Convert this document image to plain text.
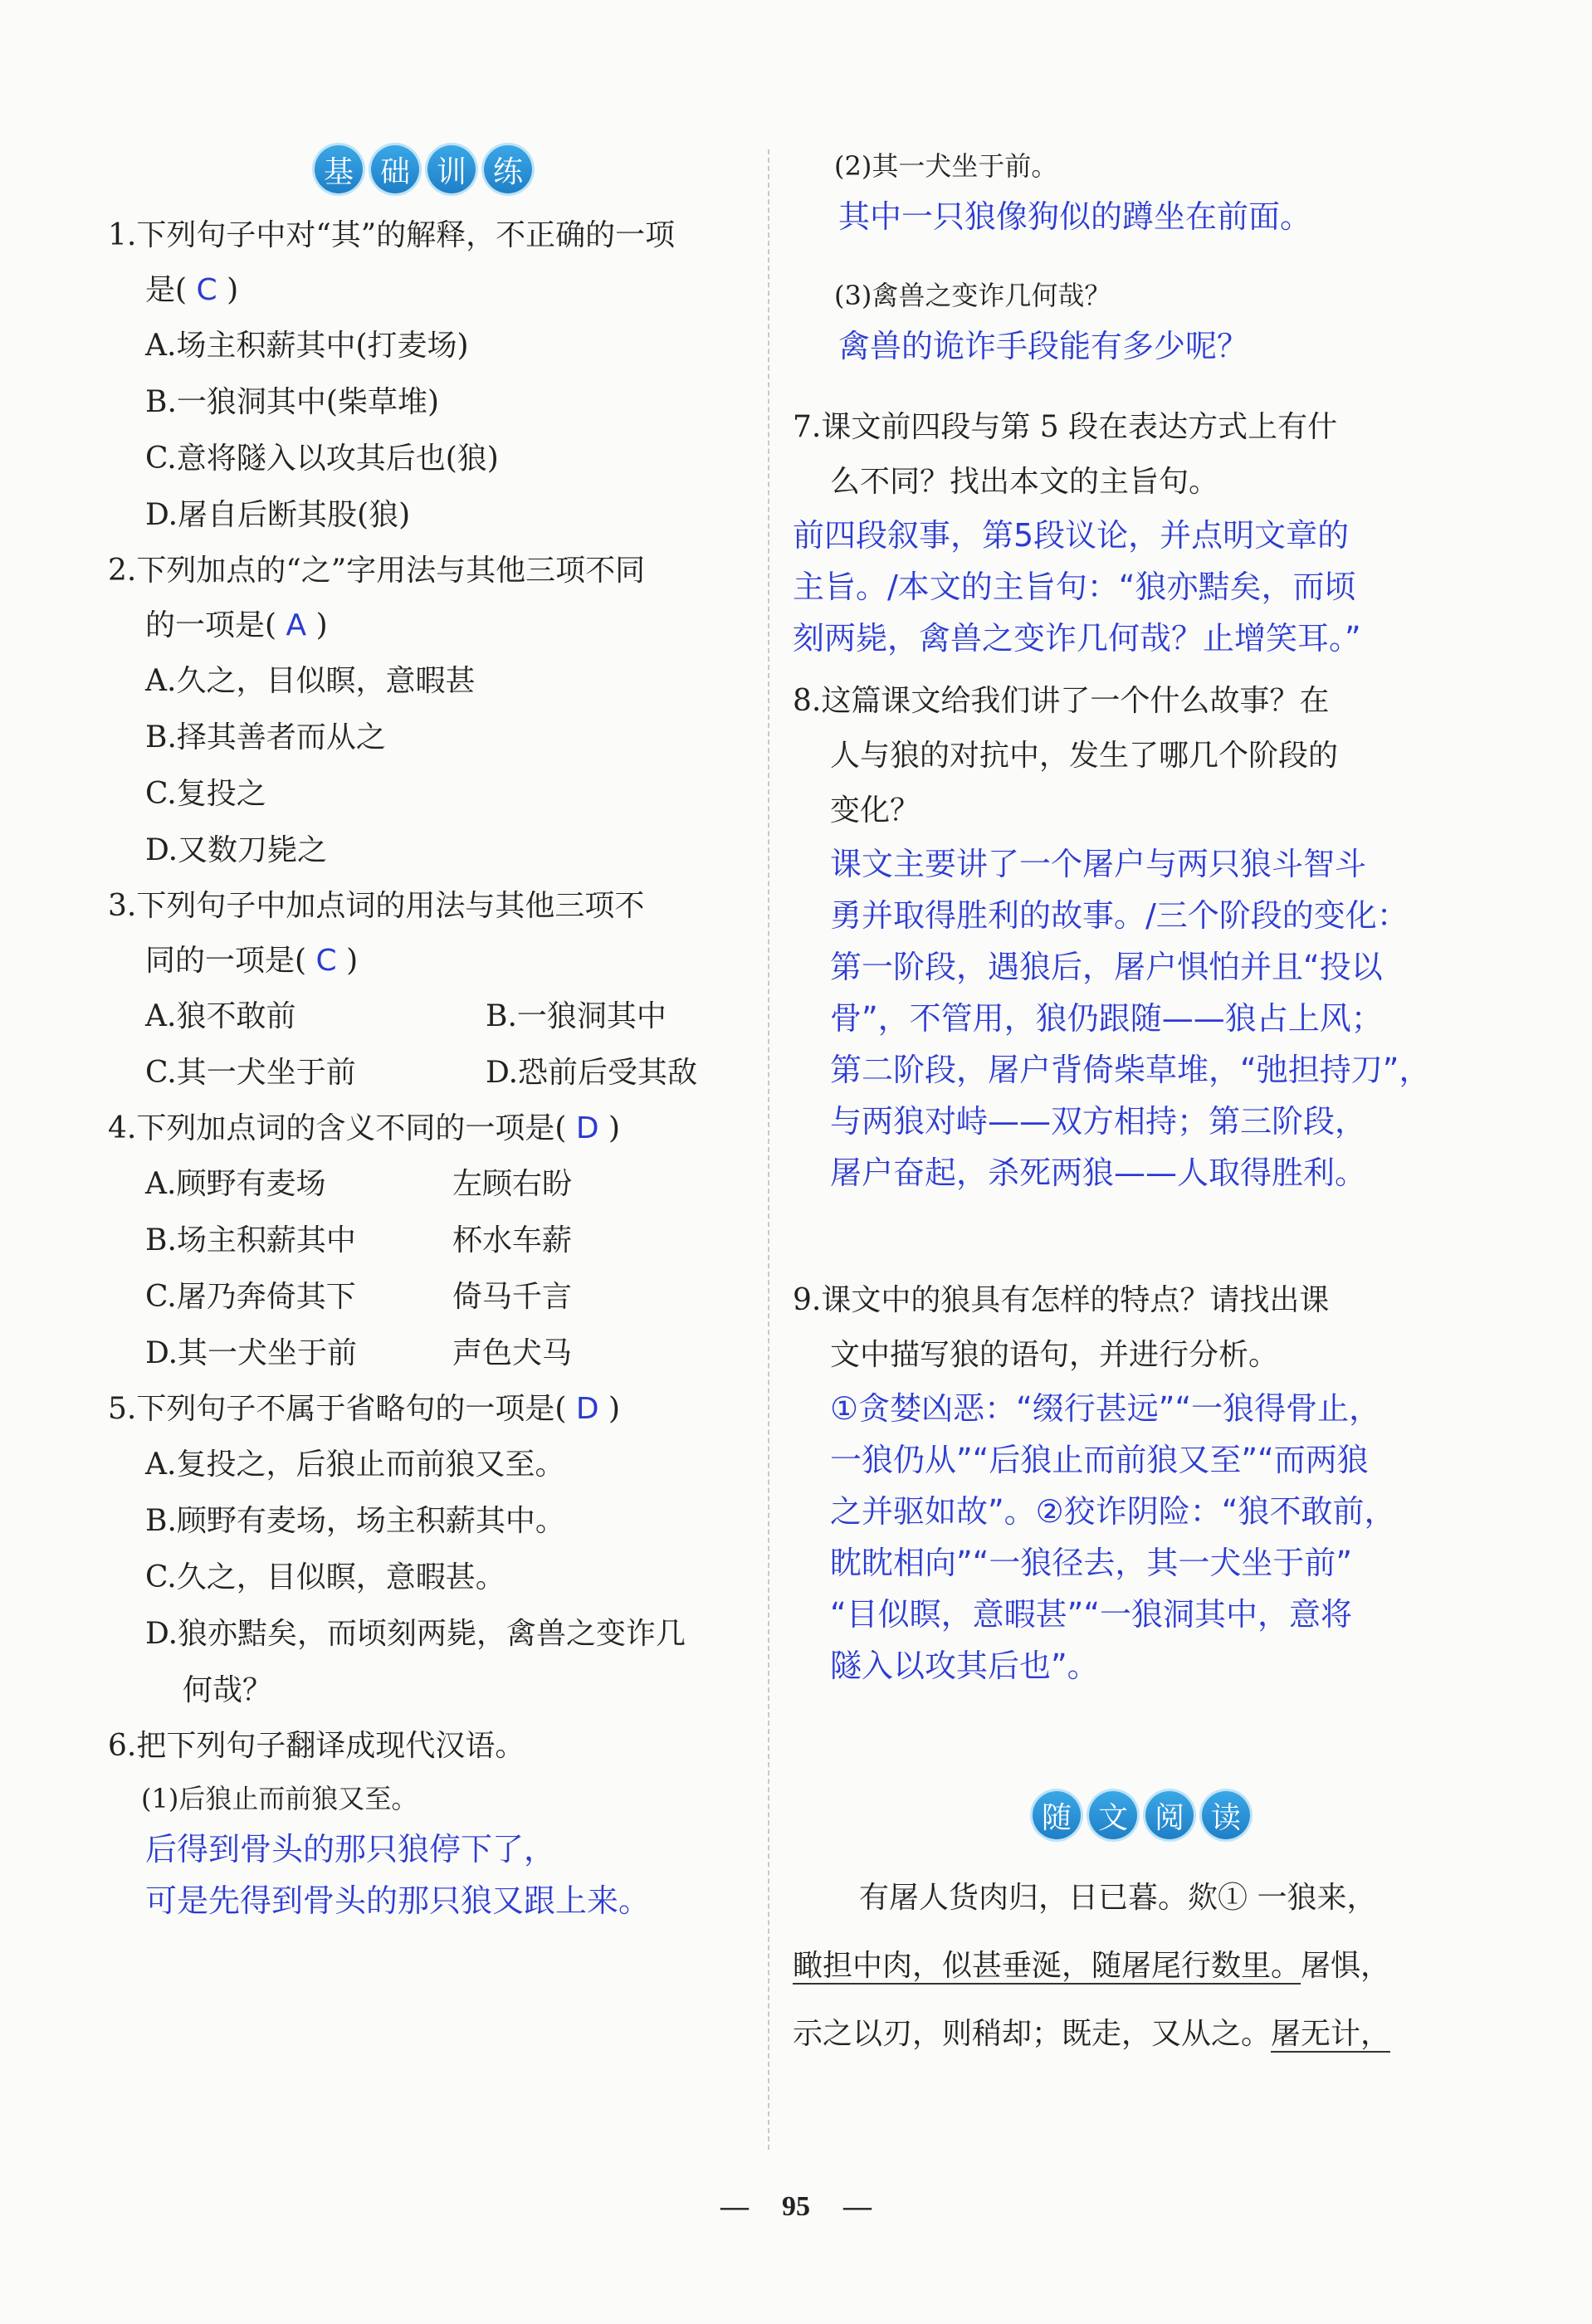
基 础 训 练
1.下列句子中对“其”的解释，不正确的一项
是( C )
A.场主积薪其中(打麦场)
B.一狼洞其中(柴草堆)
C.意将隧入以攻其后也(狼)
D.屠自后断其股(狼)
2.下列加点的“之”字用法与其他三项不同
的一项是( A )
A.久之，目似瞑，意暇甚
B.择其善者而从之
C.复投之
D.又数刀毙之
3.下列句子中加点词的用法与其他三项不
同的一项是( C )
A.狼不敢前	B.一狼洞其中
C.其一犬坐于前	D.恐前后受其敌
4.下列加点词的含义不同的一项是( D )
A.顾野有麦场	左顾右盼
B.场主积薪其中	杯水车薪
C.屠乃奔倚其下	倚马千言
D.其一犬坐于前	声色犬马
5.下列句子不属于省略句的一项是( D )
A.复投之，后狼止而前狼又至。
B.顾野有麦场，场主积薪其中。
C.久之，目似瞑，意暇甚。
D.狼亦黠矣，而顷刻两毙，禽兽之变诈几
何哉？
6.把下列句子翻译成现代汉语。
(1)后狼止而前狼又至。
后得到骨头的那只狼停下了，
可是先得到骨头的那只狼又跟上来。
(2)其一犬坐于前。
其中一只狼像狗似的蹲坐在前面。
(3)禽兽之变诈几何哉？
禽兽的诡诈手段能有多少呢？
7.课文前四段与第 5 段在表达方式上有什
么不同？找出本文的主旨句。
前四段叙事，第5段议论，并点明文章的
主旨。/本文的主旨句：“狼亦黠矣，而顷
刻两毙，禽兽之变诈几何哉？止增笑耳。”
8.这篇课文给我们讲了一个什么故事？在
人与狼的对抗中，发生了哪几个阶段的
变化？
课文主要讲了一个屠户与两只狼斗智斗
勇并取得胜利的故事。/三个阶段的变化：
第一阶段，遇狼后，屠户惧怕并且“投以
骨”，不管用，狼仍跟随——狼占上风；
第二阶段，屠户背倚柴草堆，“弛担持刀”，
与两狼对峙——双方相持；第三阶段，
屠户奋起，杀死两狼——人取得胜利。
9.课文中的狼具有怎样的特点？请找出课
文中描写狼的语句，并进行分析。
①贪婪凶恶：“缀行甚远”“一狼得骨止，
一狼仍从”“后狼止而前狼又至”“而两狼
之并驱如故”。②狡诈阴险：“狼不敢前，
眈眈相向”“一狼径去，其一犬坐于前”
“目似瞑，意暇甚”“一狼洞其中，意将
隧入以攻其后也”。
随 文 阅 读
有屠人货肉归，日已暮。欻① 一狼来，
瞰担中肉，似甚垂涎，随屠尾行数里。屠惧，
示之以刃，则稍却；既走，又从之。屠无计，
— 95 —
